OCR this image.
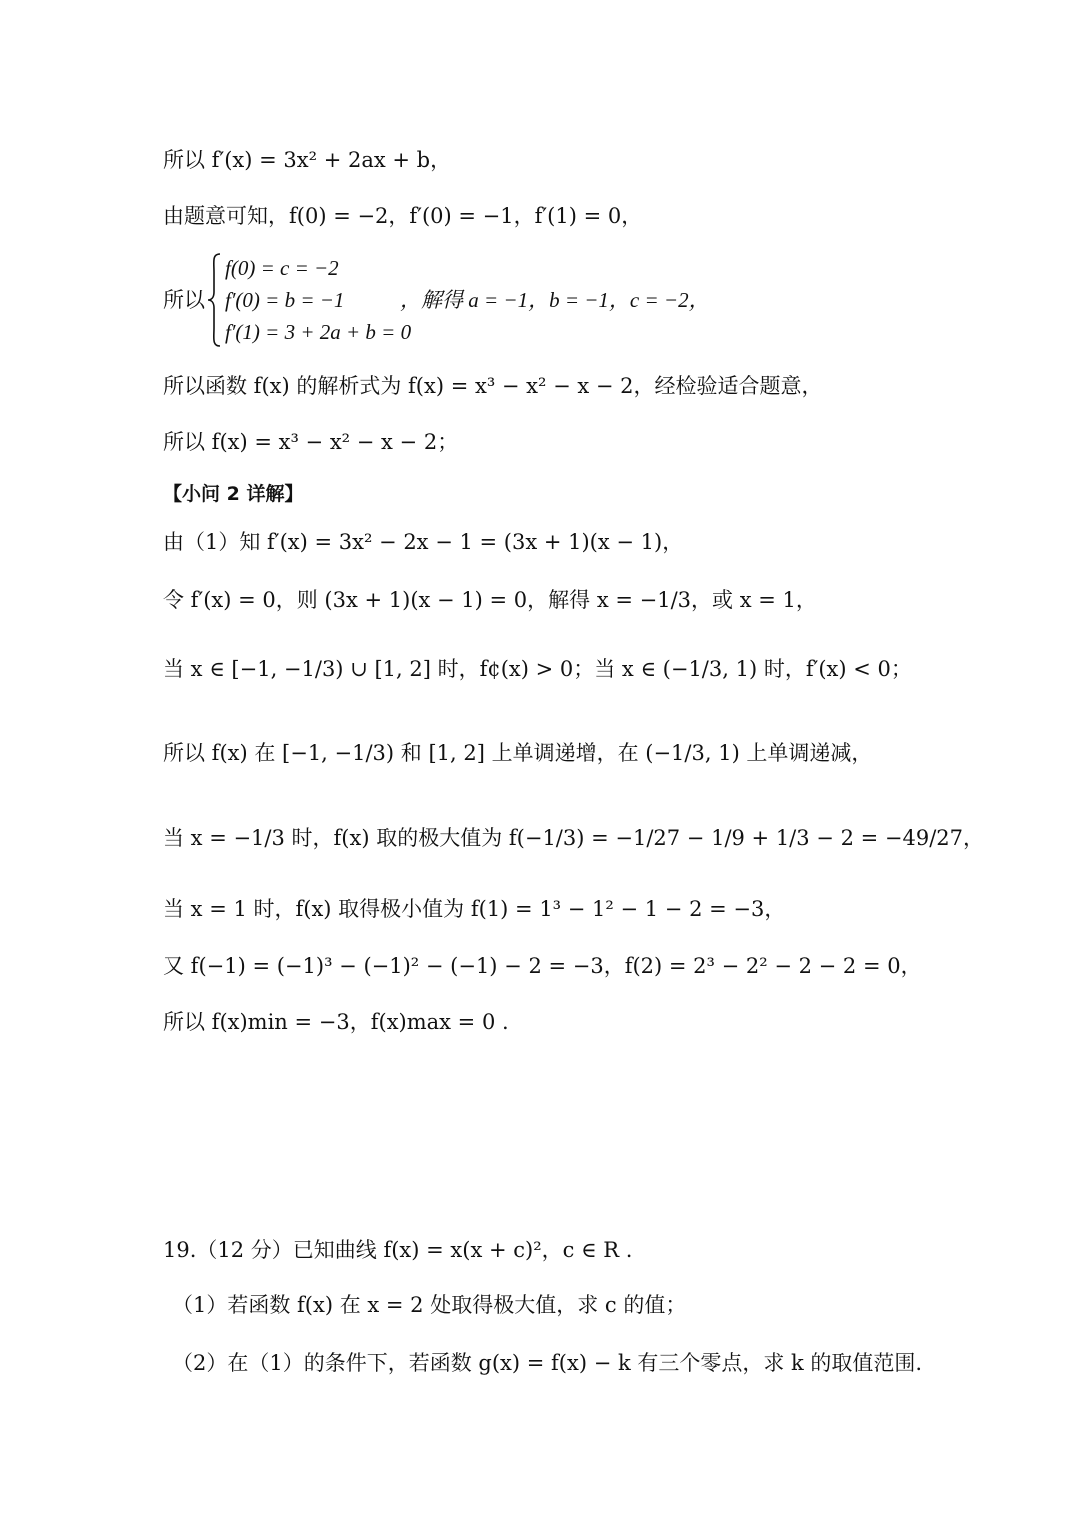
所以 f′(x) = 3x² + 2ax + b，
由题意可知，f(0) = −2，f′(0) = −1，f′(1) = 0，
所以
f(0) = c = −2
f′(0) = b = −1
f′(1) = 3 + 2a + b = 0
，解得 a = −1，b = −1，c = −2，
所以函数 f(x) 的解析式为 f(x) = x³ − x² − x − 2，经检验适合题意，
所以 f(x) = x³ − x² − x − 2；
【小问 2 详解】
由（1）知 f′(x) = 3x² − 2x − 1 = (3x + 1)(x − 1)，
令 f′(x) = 0，则 (3x + 1)(x − 1) = 0，解得 x = −1/3，或 x = 1，
当 x ∈ [−1, −1/3) ∪ [1, 2] 时，f¢(x) > 0；当 x ∈ (−1/3, 1) 时，f′(x) < 0；
所以 f(x) 在 [−1, −1/3) 和 [1, 2] 上单调递增，在 (−1/3, 1) 上单调递减，
当 x = −1/3 时，f(x) 取的极大值为 f(−1/3) = −1/27 − 1/9 + 1/3 − 2 = −49/27，
当 x = 1 时，f(x) 取得极小值为 f(1) = 1³ − 1² − 1 − 2 = −3，
又 f(−1) = (−1)³ − (−1)² − (−1) − 2 = −3，f(2) = 2³ − 2² − 2 − 2 = 0，
所以 f(x)min = −3，f(x)max = 0 .
19.（12 分）已知曲线 f(x) = x(x + c)²，c ∈ R .
（1）若函数 f(x) 在 x = 2 处取得极大值，求 c 的值；
（2）在（1）的条件下，若函数 g(x) = f(x) − k 有三个零点，求 k 的取值范围.
